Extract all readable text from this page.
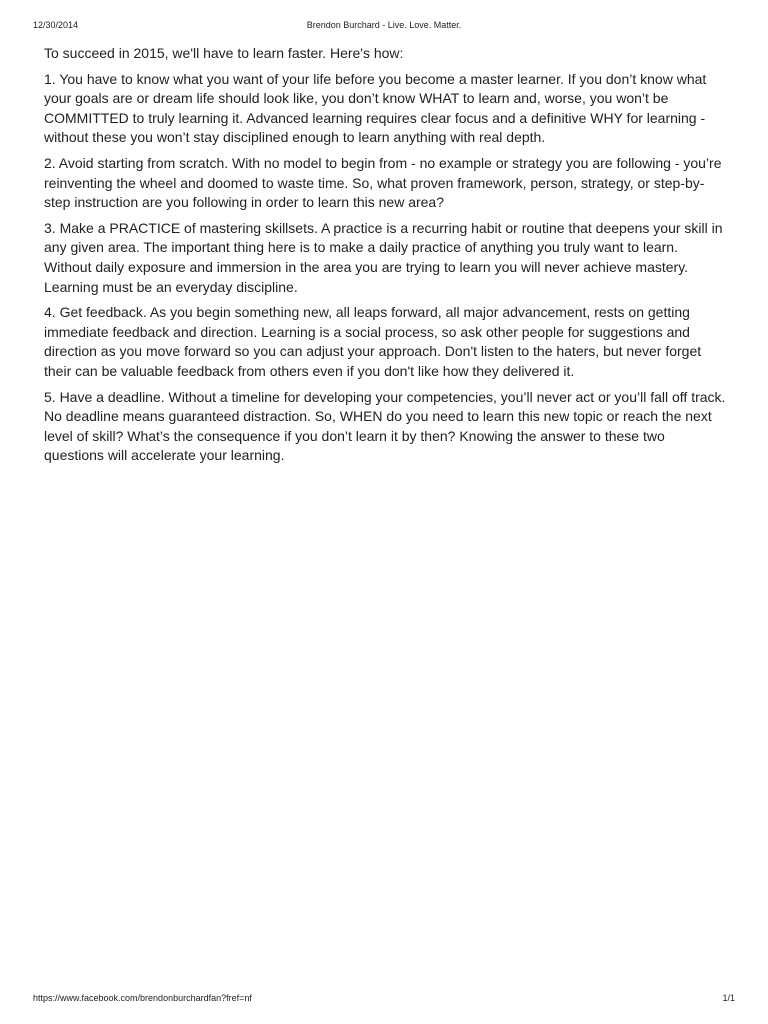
12/30/2014	Brendon Burchard - Live. Love. Matter.

To succeed in 2015, we'll have to learn faster. Here's how:

1. You have to know what you want of your life before you become a master learner. If you don’t know what your goals are or dream life should look like, you don’t know WHAT to learn and, worse, you won’t be COMMITTED to truly learning it. Advanced learning requires clear focus and a definitive WHY for learning - without these you won’t stay disciplined enough to learn anything with real depth.

2. Avoid starting from scratch. With no model to begin from - no example or strategy you are following - you’re reinventing the wheel and doomed to waste time. So, what proven framework, person, strategy, or step-by-step instruction are you following in order to learn this new area?

3. Make a PRACTICE of mastering skillsets. A practice is a recurring habit or routine that deepens your skill in any given area. The important thing here is to make a daily practice of anything you truly want to learn. Without daily exposure and immersion in the area you are trying to learn you will never achieve mastery. Learning must be an everyday discipline.

4. Get feedback. As you begin something new, all leaps forward, all major advancement, rests on getting immediate feedback and direction. Learning is a social process, so ask other people for suggestions and direction as you move forward so you can adjust your approach. Don't listen to the haters, but never forget their can be valuable feedback from others even if you don't like how they delivered it.

5. Have a deadline. Without a timeline for developing your competencies, you’ll never act or you’ll fall off track. No deadline means guaranteed distraction. So, WHEN do you need to learn this new topic or reach the next level of skill? What’s the consequence if you don’t learn it by then? Knowing the answer to these two questions will accelerate your learning.

https://www.facebook.com/brendonburchardfan?fref=nf	1/1
